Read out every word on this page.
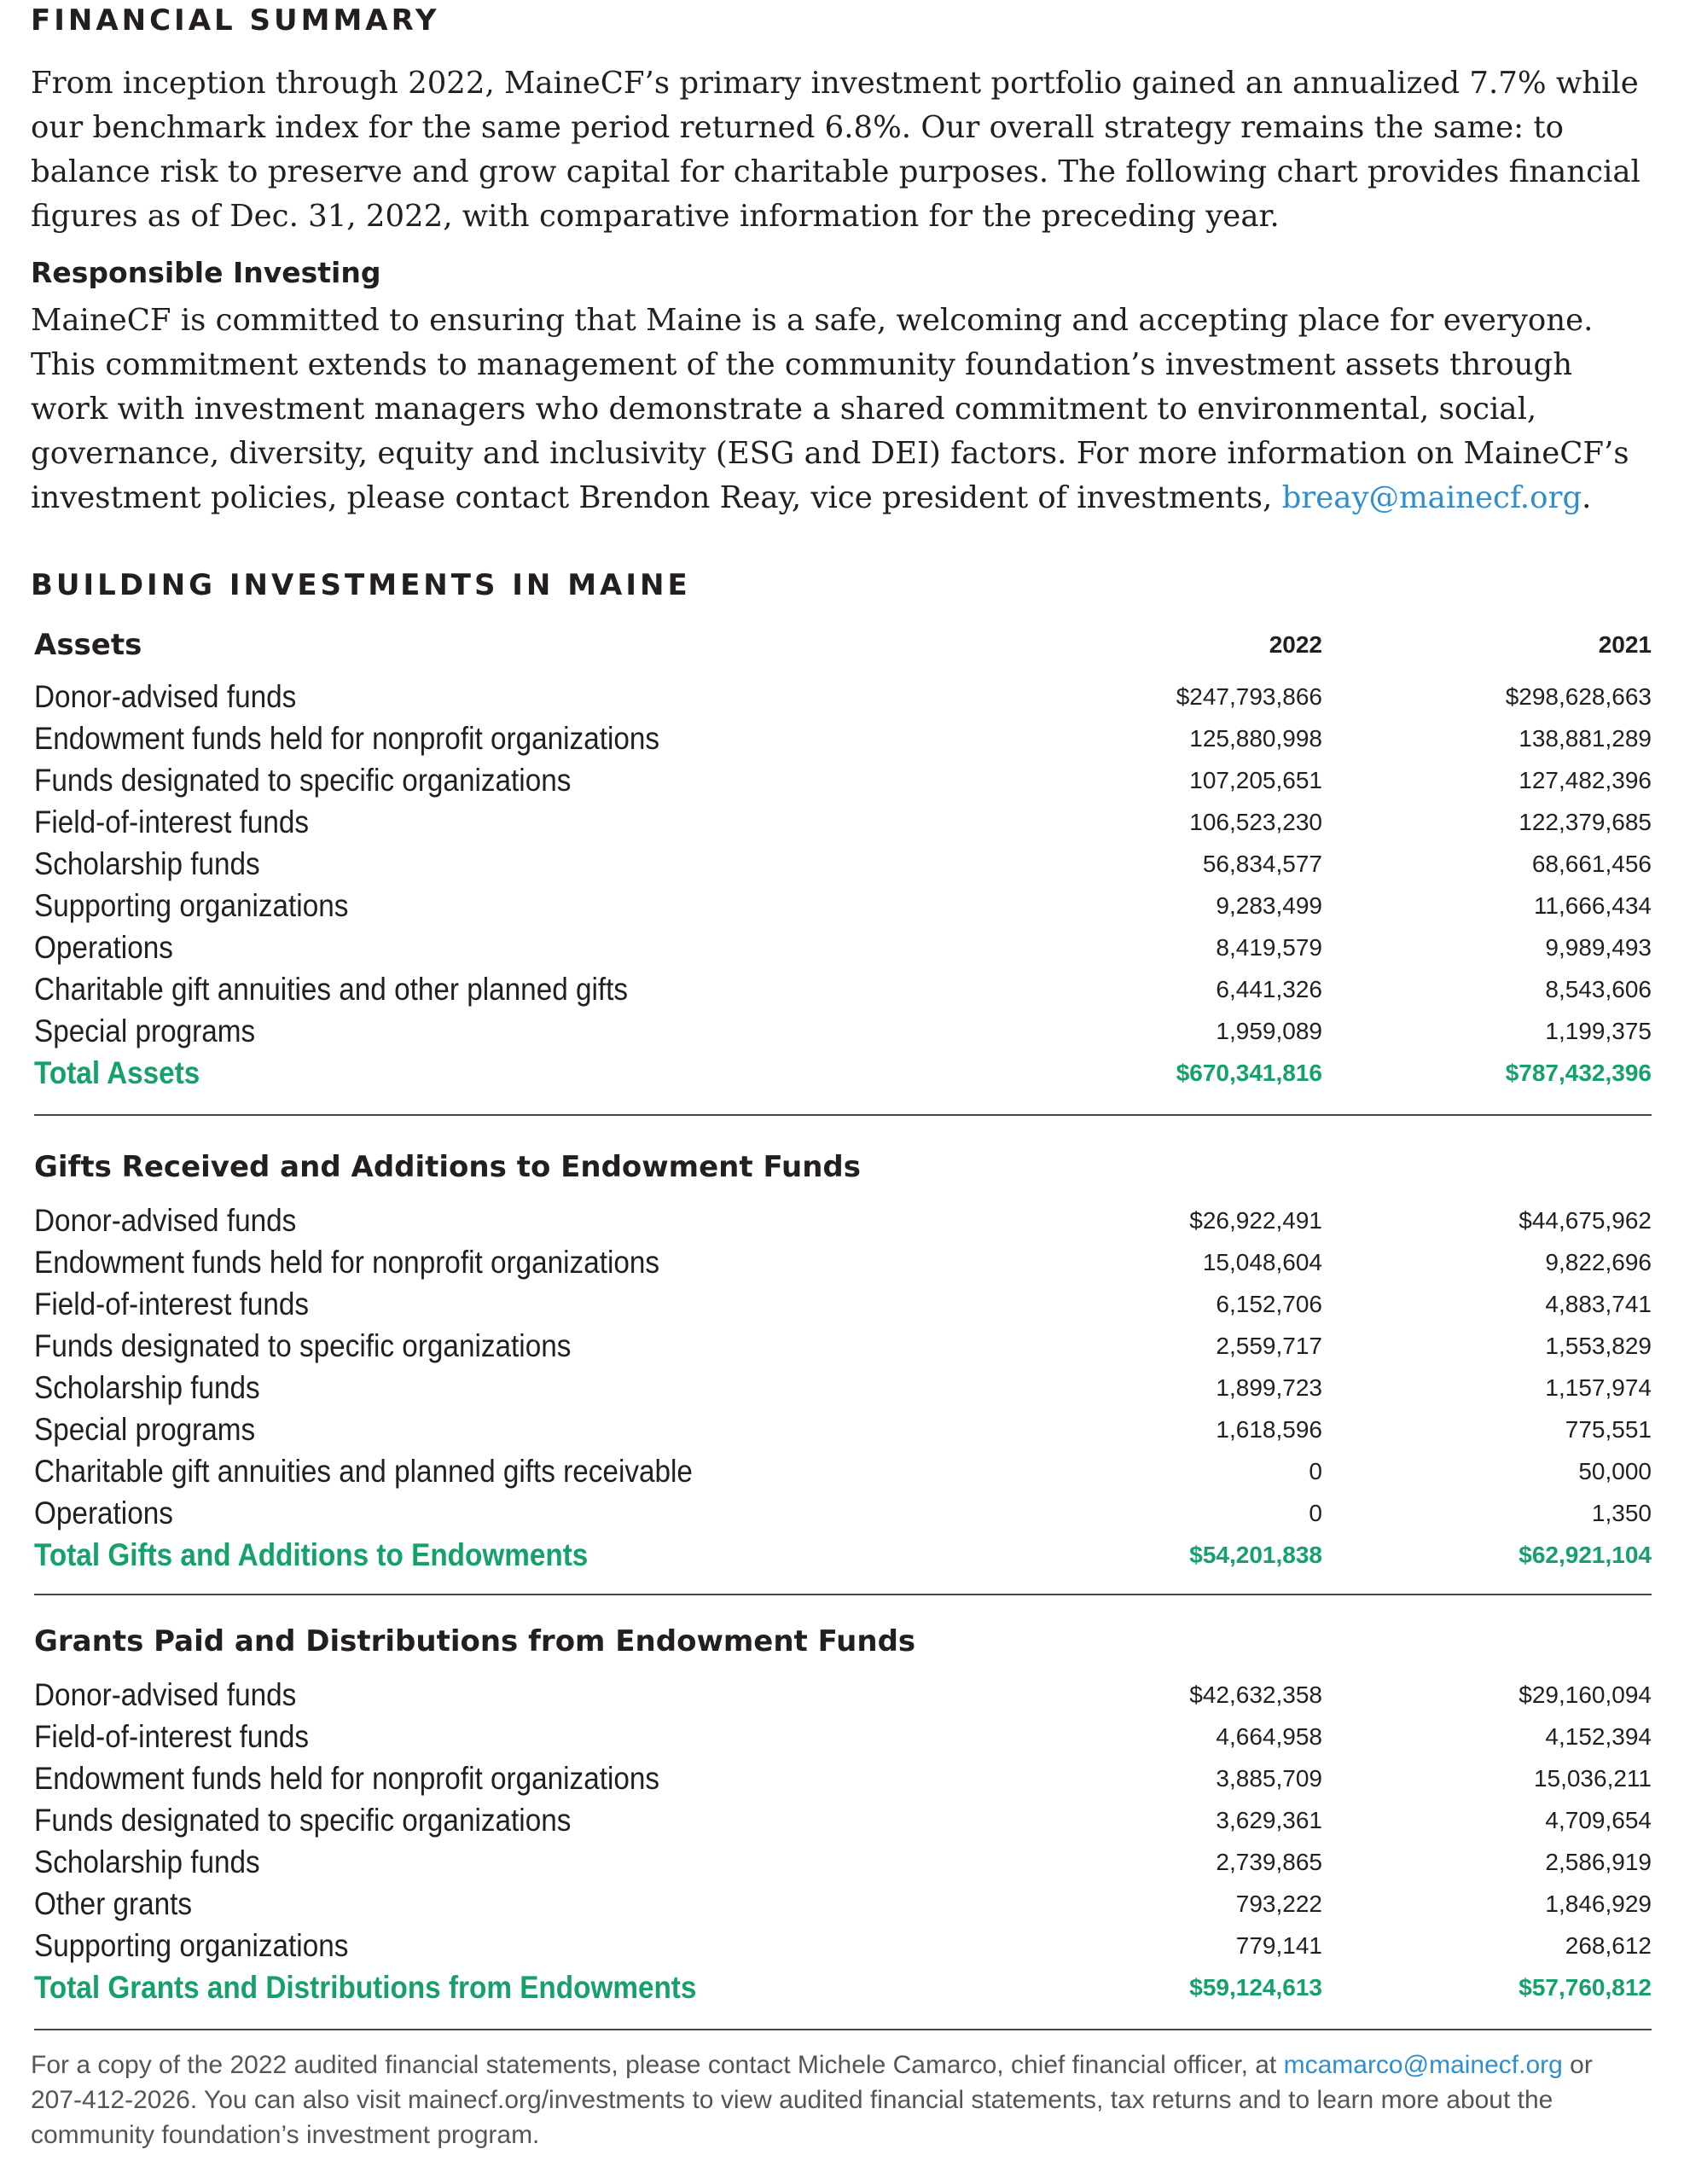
FINANCIAL SUMMARY

From inception through 2022, MaineCF’s primary investment portfolio gained an annualized 7.7% while our benchmark index for the same period returned 6.8%. Our overall strategy remains the same: to balance risk to preserve and grow capital for charitable purposes. The following chart provides financial figures as of Dec. 31, 2022, with comparative information for the preceding year.

Responsible Investing

MaineCF is committed to ensuring that Maine is a safe, welcoming and accepting place for everyone. This commitment extends to management of the community foundation’s investment assets through work with investment managers who demonstrate a shared commitment to environmental, social, governance, diversity, equity and inclusivity (ESG and DEI) factors. For more information on MaineCF’s investment policies, please contact Brendon Reay, vice president of investments, breay@mainecf.org.

BUILDING INVESTMENTS IN MAINE
Assets	2022	2021
Donor-advised funds	$247,793,866	$298,628,663
Endowment funds held for nonprofit organizations	125,880,998	138,881,289
Funds designated to specific organizations	107,205,651	127,482,396
Field-of-interest funds	106,523,230	122,379,685
Scholarship funds	56,834,577	68,661,456
Supporting organizations	9,283,499	11,666,434
Operations	8,419,579	9,989,493
Charitable gift annuities and other planned gifts	6,441,326	8,543,606
Special programs	1,959,089	1,199,375
Total Assets	$670,341,816	$787,432,396
Gifts Received and Additions to Endowment Funds
Donor-advised funds	$26,922,491	$44,675,962
Endowment funds held for nonprofit organizations	15,048,604	9,822,696
Field-of-interest funds	6,152,706	4,883,741
Funds designated to specific organizations	2,559,717	1,553,829
Scholarship funds	1,899,723	1,157,974
Special programs	1,618,596	775,551
Charitable gift annuities and planned gifts receivable	0	50,000
Operations	0	1,350
Total Gifts and Additions to Endowments	$54,201,838	$62,921,104
Grants Paid and Distributions from Endowment Funds
Donor-advised funds	$42,632,358	$29,160,094
Field-of-interest funds	4,664,958	4,152,394
Endowment funds held for nonprofit organizations	3,885,709	15,036,211
Funds designated to specific organizations	3,629,361	4,709,654
Scholarship funds	2,739,865	2,586,919
Other grants	793,222	1,846,929
Supporting organizations	779,141	268,612
Total Grants and Distributions from Endowments	$59,124,613	$57,760,812

For a copy of the 2022 audited financial statements, please contact Michele Camarco, chief financial officer, at mcamarco@mainecf.org or 207-412-2026. You can also visit mainecf.org/investments to view audited financial statements, tax returns and to learn more about the community foundation’s investment program.
